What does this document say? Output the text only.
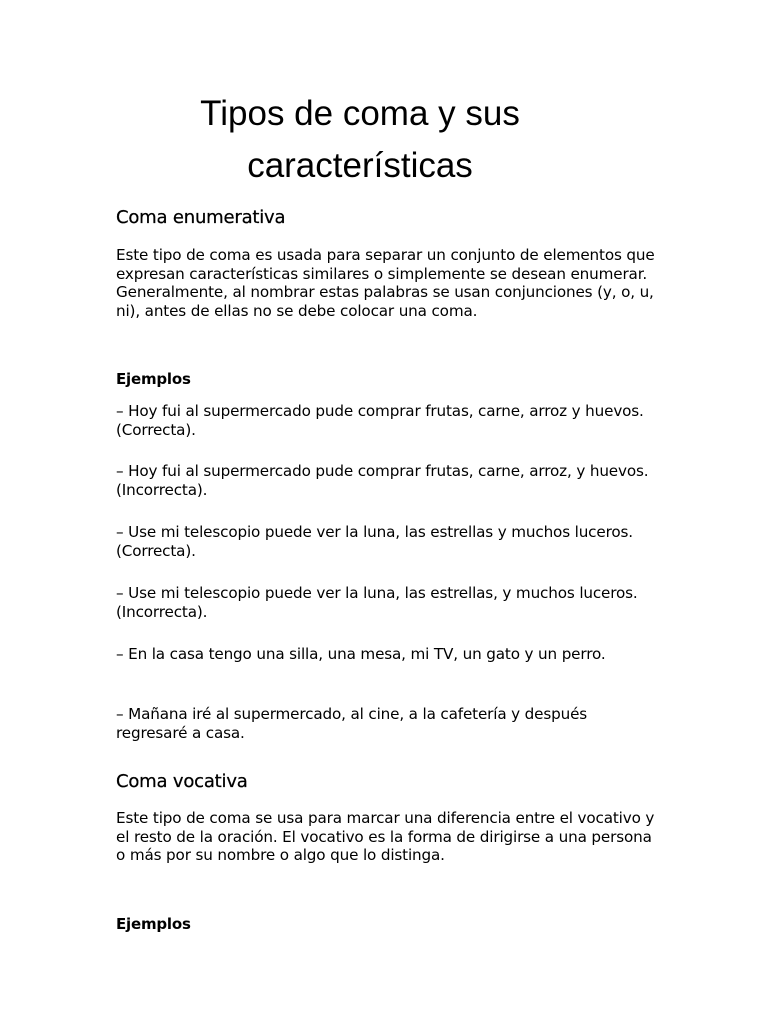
Tipos de coma y sus características
Coma enumerativa

Este tipo de coma es usada para separar un conjunto de elementos que expresan características similares o simplemente se desean enumerar. Generalmente, al nombrar estas palabras se usan conjunciones (y, o, u, ni), antes de ellas no se debe colocar una coma.

Ejemplos

– Hoy fui al supermercado pude comprar frutas, carne, arroz y huevos. (Correcta).

– Hoy fui al supermercado pude comprar frutas, carne, arroz, y huevos. (Incorrecta).

– Use mi telescopio puede ver la luna, las estrellas y muchos luceros. (Correcta).

– Use mi telescopio puede ver la luna, las estrellas, y muchos luceros. (Incorrecta).

– En la casa tengo una silla, una mesa, mi TV, un gato y un perro.

– Mañana iré al supermercado, al cine, a la cafetería y después regresaré a casa.

Coma vocativa

Este tipo de coma se usa para marcar una diferencia entre el vocativo y el resto de la oración. El vocativo es la forma de dirigirse a una persona o más por su nombre o algo que lo distinga.

Ejemplos
